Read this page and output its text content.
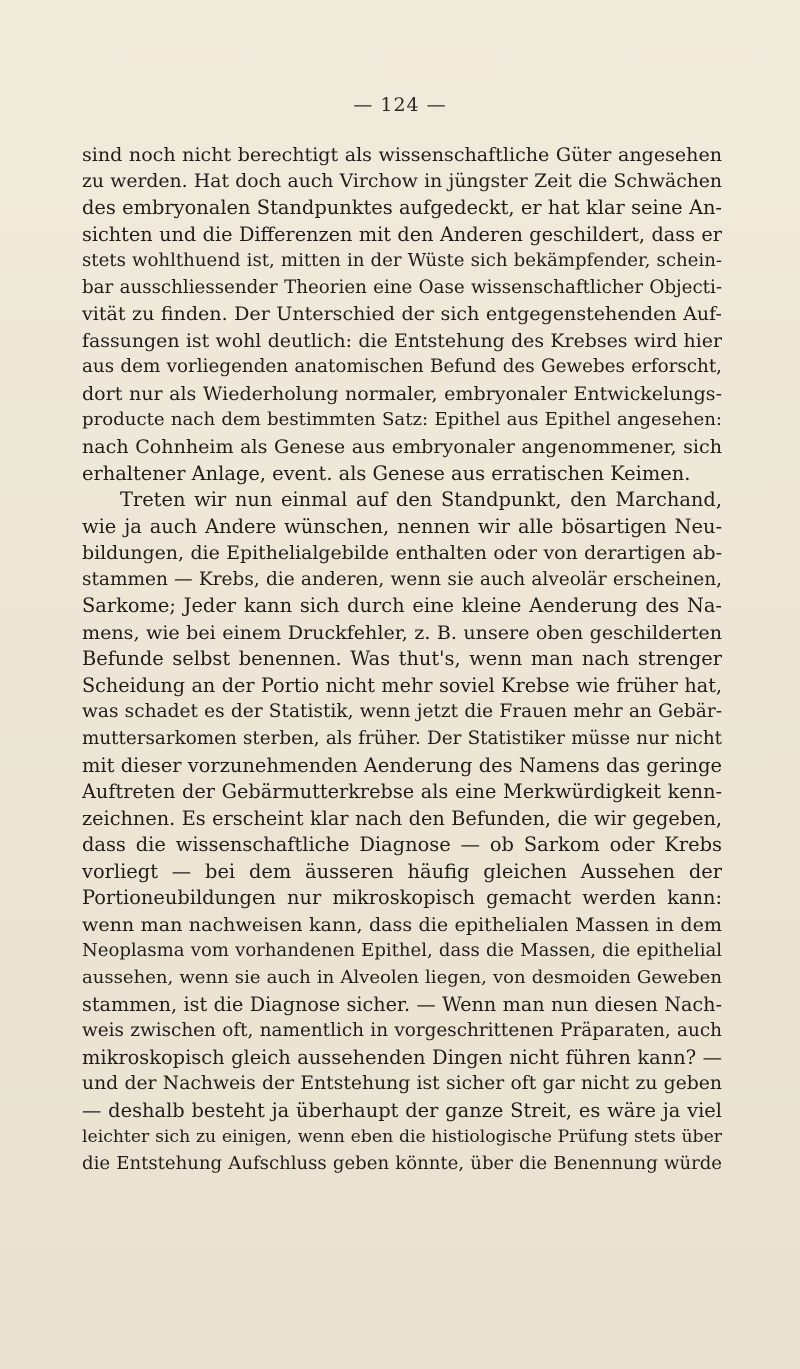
— 124 —
sind noch nicht berechtigt als wissenschaftliche Güter angesehen
zu werden. Hat doch auch Virchow in jüngster Zeit die Schwächen
des embryonalen Standpunktes aufgedeckt, er hat klar seine An-
sichten und die Differenzen mit den Anderen geschildert, dass er
stets wohlthuend ist, mitten in der Wüste sich bekämpfender, schein-
bar ausschliessender Theorien eine Oase wissenschaftlicher Objecti-
vität zu finden. Der Unterschied der sich entgegenstehenden Auf-
fassungen ist wohl deutlich: die Entstehung des Krebses wird hier
aus dem vorliegenden anatomischen Befund des Gewebes erforscht,
dort nur als Wiederholung normaler, embryonaler Entwickelungs-
producte nach dem bestimmten Satz: Epithel aus Epithel angesehen:
nach Cohnheim als Genese aus embryonaler angenommener, sich
erhaltener Anlage, event. als Genese aus erratischen Keimen.
Treten wir nun einmal auf den Standpunkt, den Marchand,
wie ja auch Andere wünschen, nennen wir alle bösartigen Neu-
bildungen, die Epithelialgebilde enthalten oder von derartigen ab-
stammen — Krebs, die anderen, wenn sie auch alveolär erscheinen,
Sarkome; Jeder kann sich durch eine kleine Aenderung des Na-
mens, wie bei einem Druckfehler, z. B. unsere oben geschilderten
Befunde selbst benennen. Was thut's, wenn man nach strenger
Scheidung an der Portio nicht mehr soviel Krebse wie früher hat,
was schadet es der Statistik, wenn jetzt die Frauen mehr an Gebär-
muttersarkomen sterben, als früher. Der Statistiker müsse nur nicht
mit dieser vorzunehmenden Aenderung des Namens das geringe
Auftreten der Gebärmutterkrebse als eine Merkwürdigkeit kenn-
zeichnen. Es erscheint klar nach den Befunden, die wir gegeben,
dass die wissenschaftliche Diagnose — ob Sarkom oder Krebs
vorliegt — bei dem äusseren häufig gleichen Aussehen der
Portioneubildungen nur mikroskopisch gemacht werden kann:
wenn man nachweisen kann, dass die epithelialen Massen in dem
Neoplasma vom vorhandenen Epithel, dass die Massen, die epithelial
aussehen, wenn sie auch in Alveolen liegen, von desmoiden Geweben
stammen, ist die Diagnose sicher. — Wenn man nun diesen Nach-
weis zwischen oft, namentlich in vorgeschrittenen Präparaten, auch
mikroskopisch gleich aussehenden Dingen nicht führen kann? —
und der Nachweis der Entstehung ist sicher oft gar nicht zu geben
— deshalb besteht ja überhaupt der ganze Streit, es wäre ja viel
leichter sich zu einigen, wenn eben die histiologische Prüfung stets über
die Entstehung Aufschluss geben könnte, über die Benennung würde
